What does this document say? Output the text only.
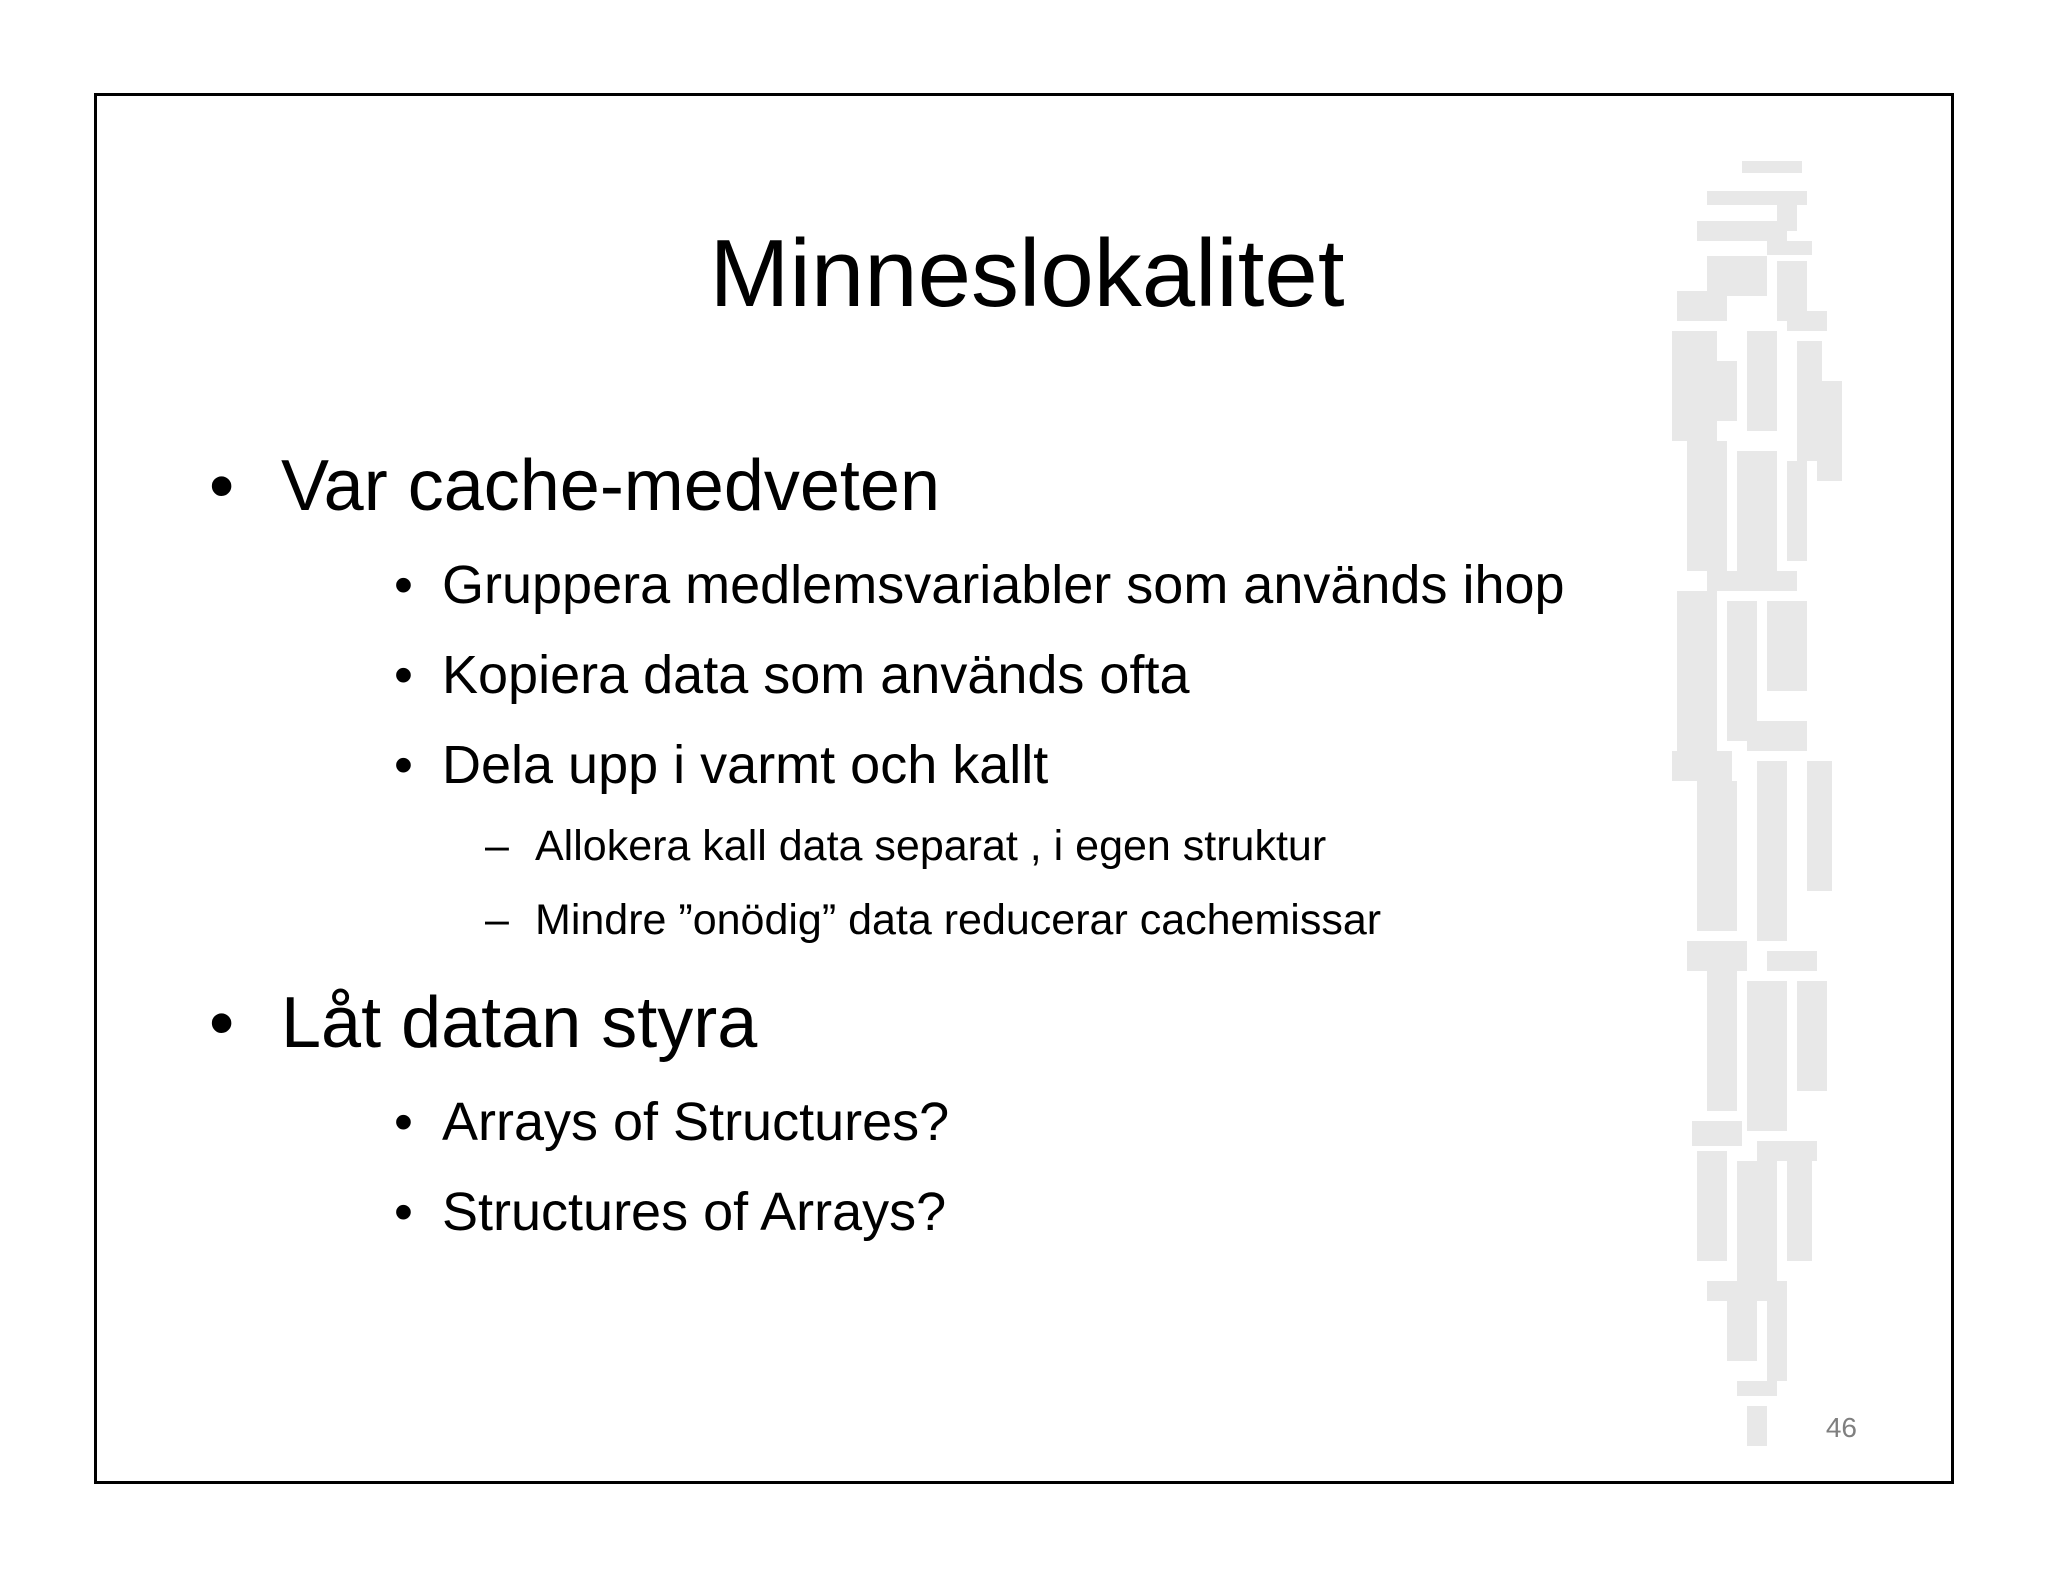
Minneslokalitet
• Var cache-medveten
• Gruppera medlemsvariabler som används ihop
• Kopiera data som används ofta
• Dela upp i varmt och kallt
– Allokera kall data separat , i egen struktur
– Mindre ”onödig” data reducerar cachemissar
• Låt datan styra
• Arrays of Structures?
• Structures of Arrays?
46
